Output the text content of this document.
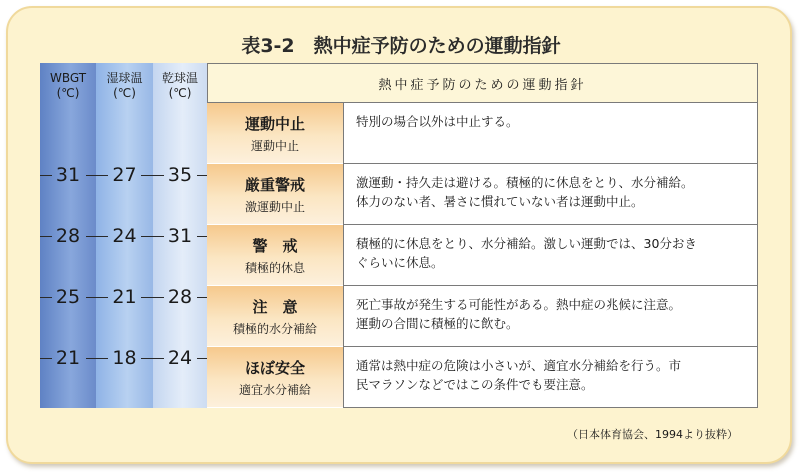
表3-2　熱中症予防のための運動指針
WBGT
(℃)
31
28
25
21
湿球温
(℃)
27
24
21
18
乾球温
(℃)
35
31
28
24
熱中症予防のための運動指針
運動中止
運動中止
特別の場合以外は中止する。
厳重警戒
激運動中止
激運動・持久走は避ける。積極的に休息をとり、水分補給。
体力のない者、暑さに慣れていない者は運動中止。
警　戒
積極的休息
積極的に休息をとり、水分補給。激しい運動では、30分おき
ぐらいに休息。
注　意
積極的水分補給
死亡事故が発生する可能性がある。熱中症の兆候に注意。
運動の合間に積極的に飲む。
ほぼ安全
適宜水分補給
通常は熱中症の危険は小さいが、適宜水分補給を行う。市
民マラソンなどではこの条件でも要注意。
（日本体育協会、1994より抜粋）
